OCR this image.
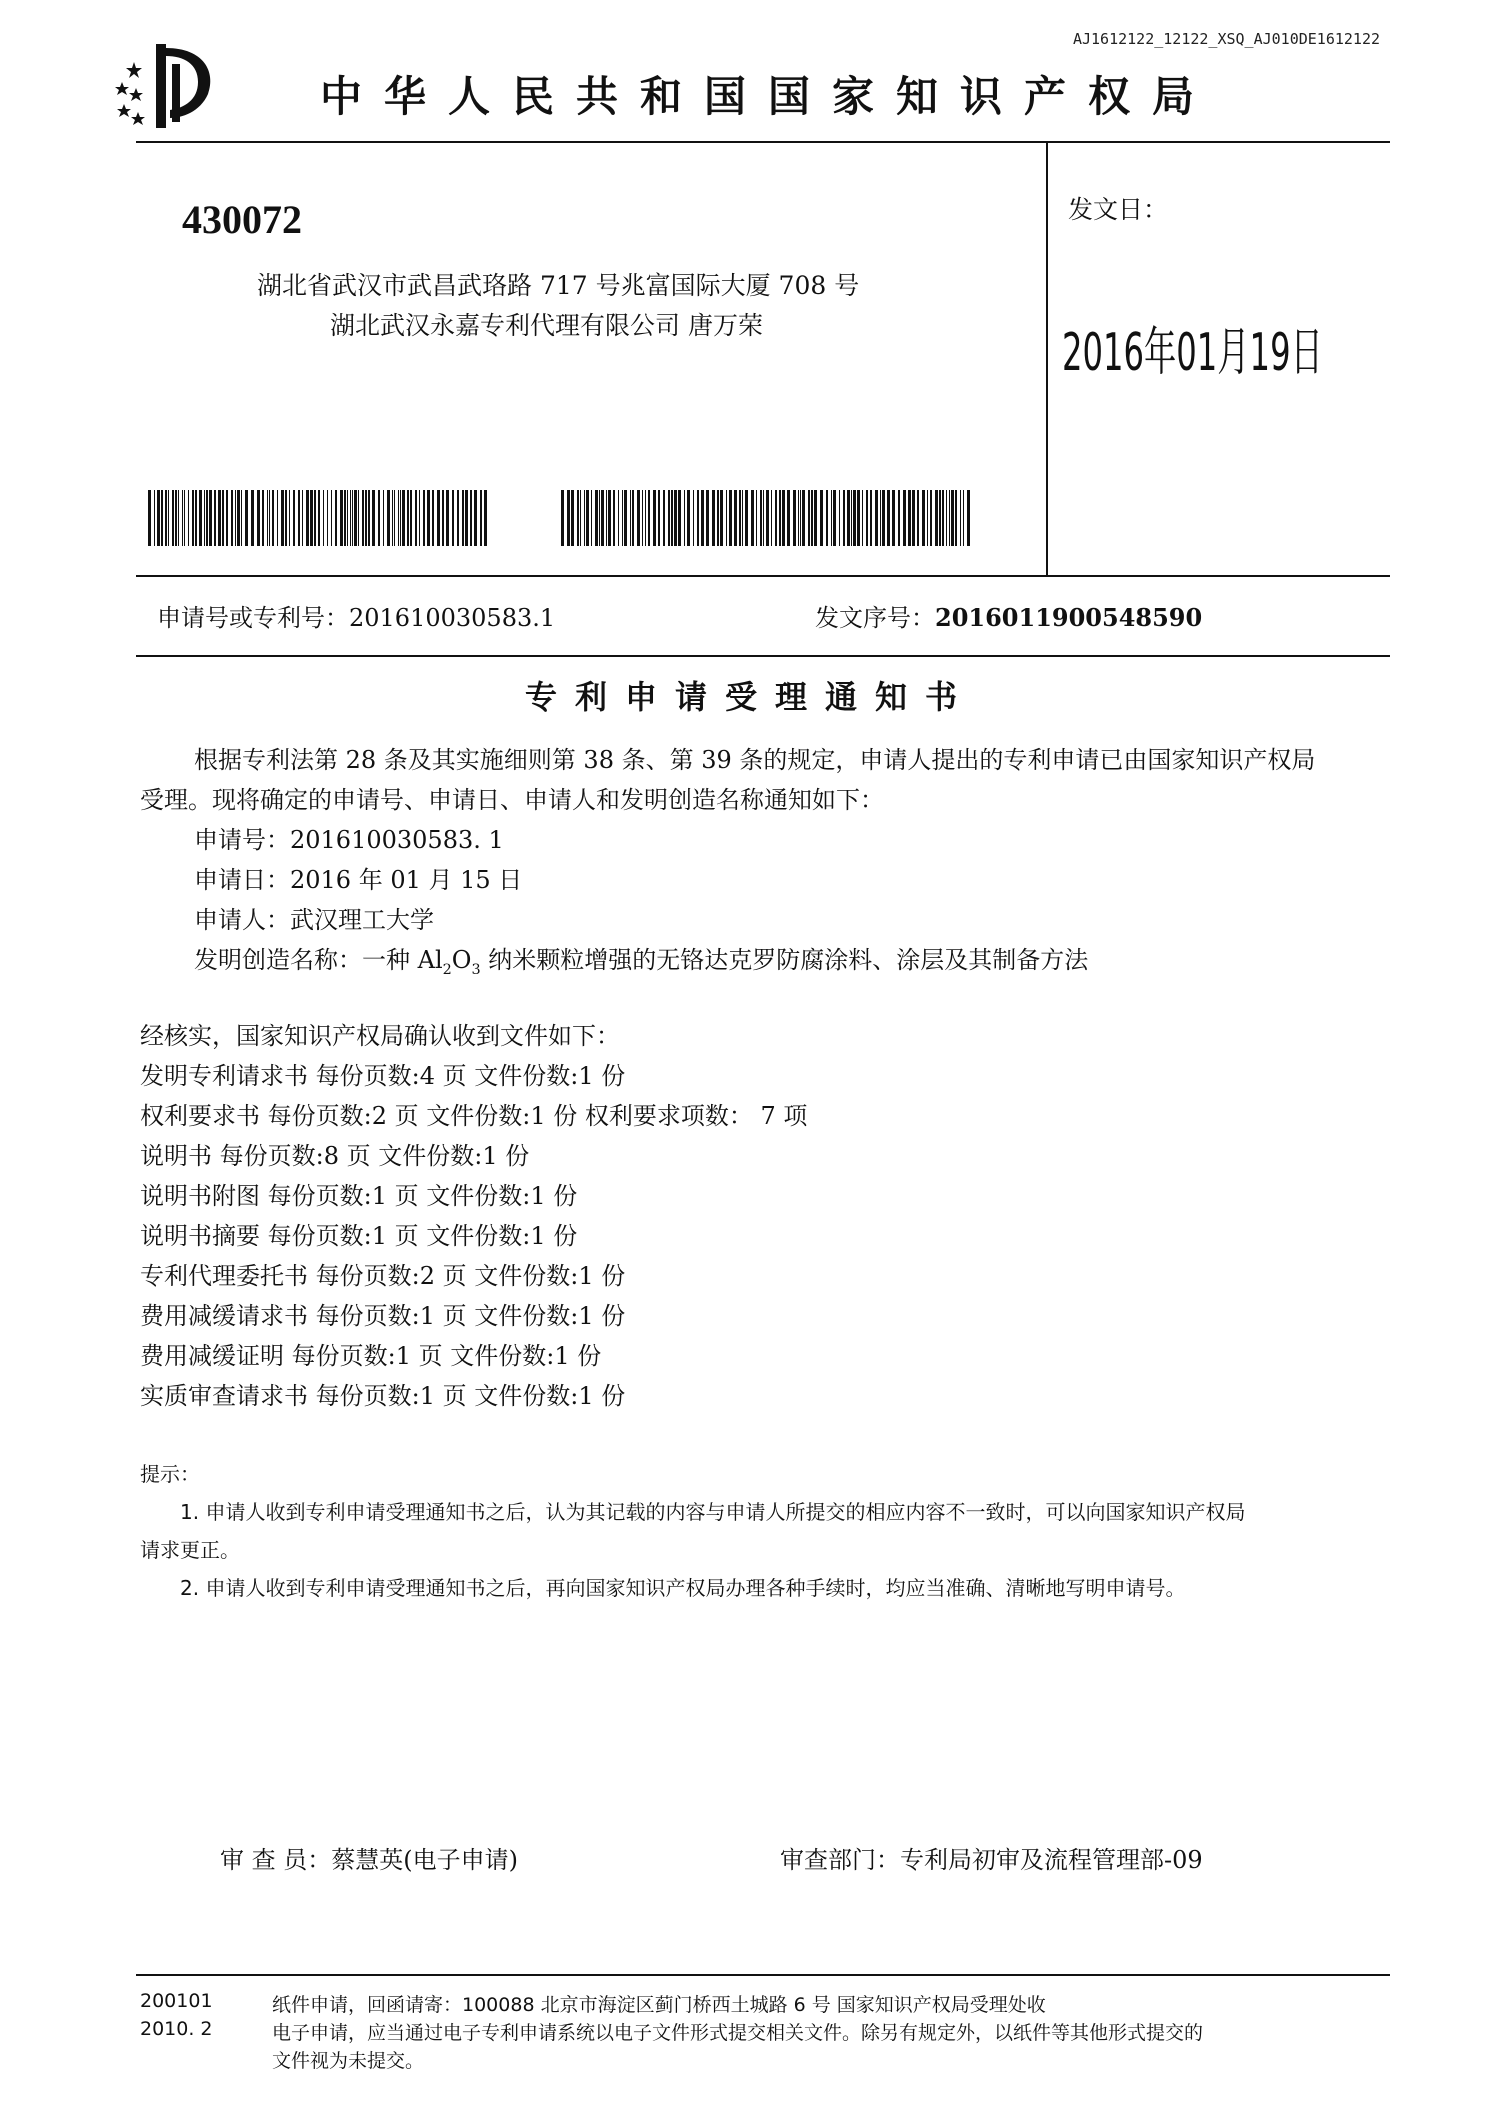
AJ1612122_12122_XSQ_AJ010DE1612122
中华人民共和国国家知识产权局
430072
湖北省武汉市武昌武珞路 717 号兆富国际大厦 708 号
湖北武汉永嘉专利代理有限公司 唐万荣
发文日：
2016年01月19日
申请号或专利号：201610030583.1	发文序号：2016011900548590
专利申请受理通知书
根据专利法第 28 条及其实施细则第 38 条、第 39 条的规定，申请人提出的专利申请已由国家知识产权局
受理。现将确定的申请号、申请日、申请人和发明创造名称通知如下：
申请号：201610030583. 1
申请日：2016 年 01 月 15 日
申请人：武汉理工大学
发明创造名称：一种 $Al_2O_3$ 纳米颗粒增强的无铬达克罗防腐涂料、涂层及其制备方法
经核实，国家知识产权局确认收到文件如下：
发明专利请求书 每份页数:4 页 文件份数:1 份
权利要求书 每份页数:2 页 文件份数:1 份 权利要求项数： 7 项
说明书 每份页数:8 页 文件份数:1 份
说明书附图 每份页数:1 页 文件份数:1 份
说明书摘要 每份页数:1 页 文件份数:1 份
专利代理委托书 每份页数:2 页 文件份数:1 份
费用减缓请求书 每份页数:1 页 文件份数:1 份
费用减缓证明 每份页数:1 页 文件份数:1 份
实质审查请求书 每份页数:1 页 文件份数:1 份
提示：
1. 申请人收到专利申请受理通知书之后，认为其记载的内容与申请人所提交的相应内容不一致时，可以向国家知识产权局
请求更正。
2. 申请人收到专利申请受理通知书之后，再向国家知识产权局办理各种手续时，均应当准确、清晰地写明申请号。
审 查 员：蔡慧英(电子申请)	审查部门：专利局初审及流程管理部-09
200101
2010. 2
纸件申请，回函请寄：100088 北京市海淀区蓟门桥西土城路 6 号 国家知识产权局受理处收
电子申请，应当通过电子专利申请系统以电子文件形式提交相关文件。除另有规定外，以纸件等其他形式提交的
文件视为未提交。
